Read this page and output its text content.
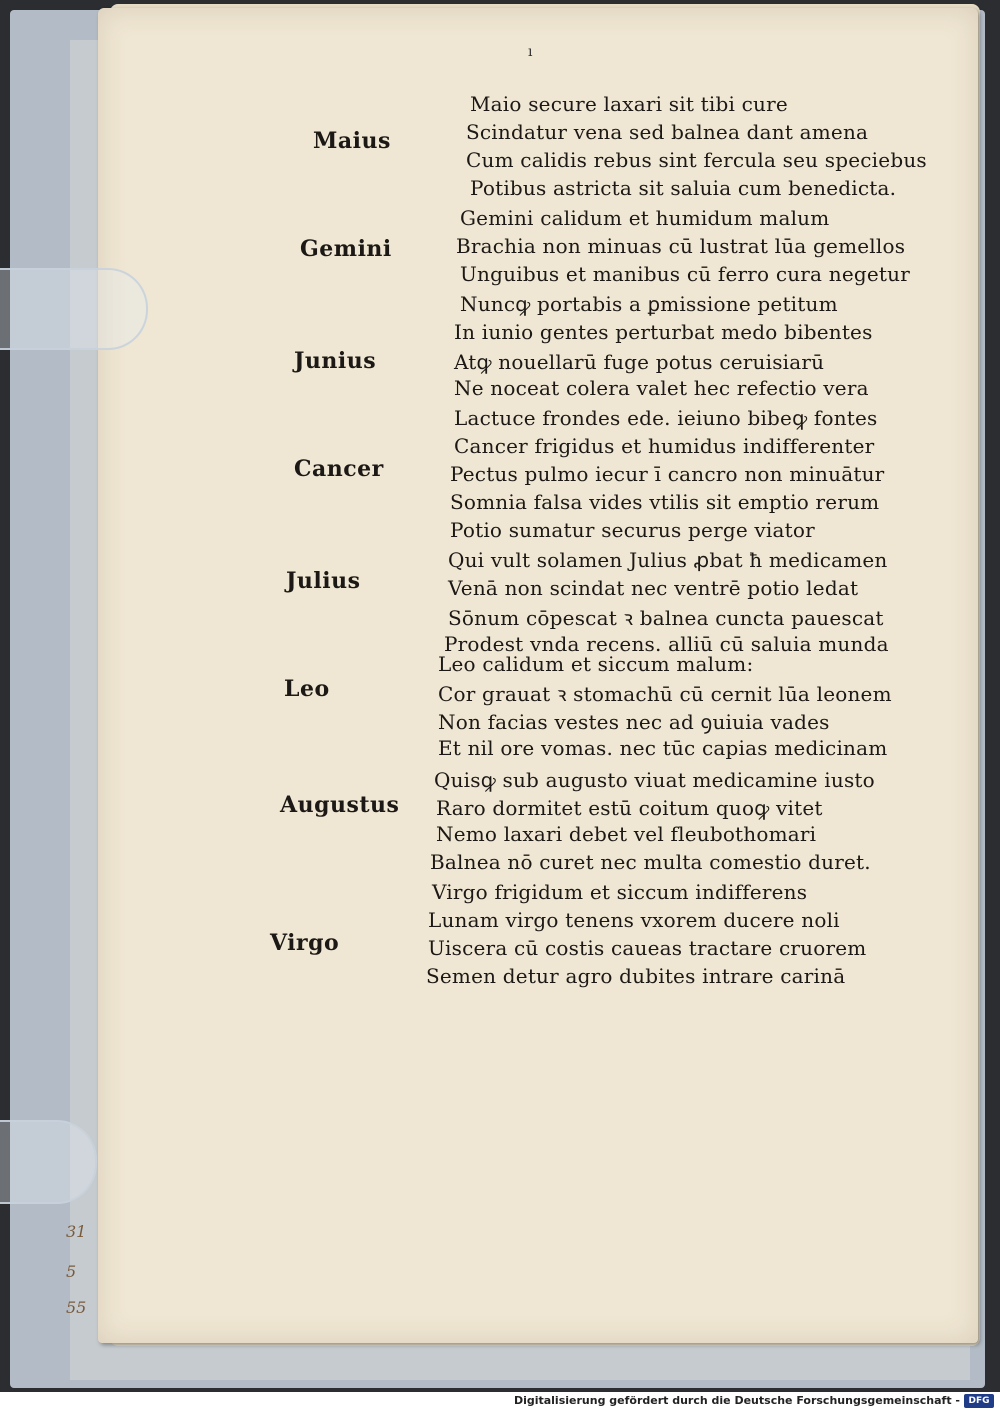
ı
Maius
Maio secure laxari sit tibi cure
Scindatur vena sed balnea dant amena
Cum calidis rebus sint fercula seu speciebus
Potibus astricta sit saluia cum benedicta.
Gemini
Gemini calidum et humidum malum
Brachia non minuas cū lustrat lūa gemellos
Unguibus et manibus cū ferro cura negetur
Nuncꝙ portabis a ꝑmissione petitum
Junius
In iunio gentes perturbat medo bibentes
Atꝙ nouellarū fuge potus ceruisiarū
Ne noceat colera valet hec refectio vera
Lactuce frondes ede. ieiuno bibeꝙ fontes
Cancer
Cancer frigidus et humidus indifferenter
Pectus pulmo iecur ī cancro non minuātur
Somnia falsa vides vtilis sit emptio rerum
Potio sumatur securus perge viator
Julius
Qui vult solamen Julius ꝓbat ħ medicamen
Venā non scindat nec ventrē potio ledat
Sōnum cōpescat ꝛ balnea cuncta pauescat
Prodest vnda recens. alliū cū saluia munda
Leo
Leo calidum et siccum malum:
Cor grauat ꝛ stomachū cū cernit lūa leonem
Non facias vestes nec ad ꝯuiuia vades
Et nil ore vomas. nec tūc capias medicinam
Augustus
Quisꝙ sub augusto viuat medicamine iusto
Raro dormitet estū coitum quoꝙ vitet
Nemo laxari debet vel fleubothomari
Balnea nō curet nec multa comestio duret.
Virgo
Virgo frigidum et siccum indifferens
Lunam virgo tenens vxorem ducere noli
Uiscera cū costis caueas tractare cruorem
Semen detur agro dubites intrare carinā
31
5
55
Digitalisierung gefördert durch die Deutsche Forschungsgemeinschaft - DFG
